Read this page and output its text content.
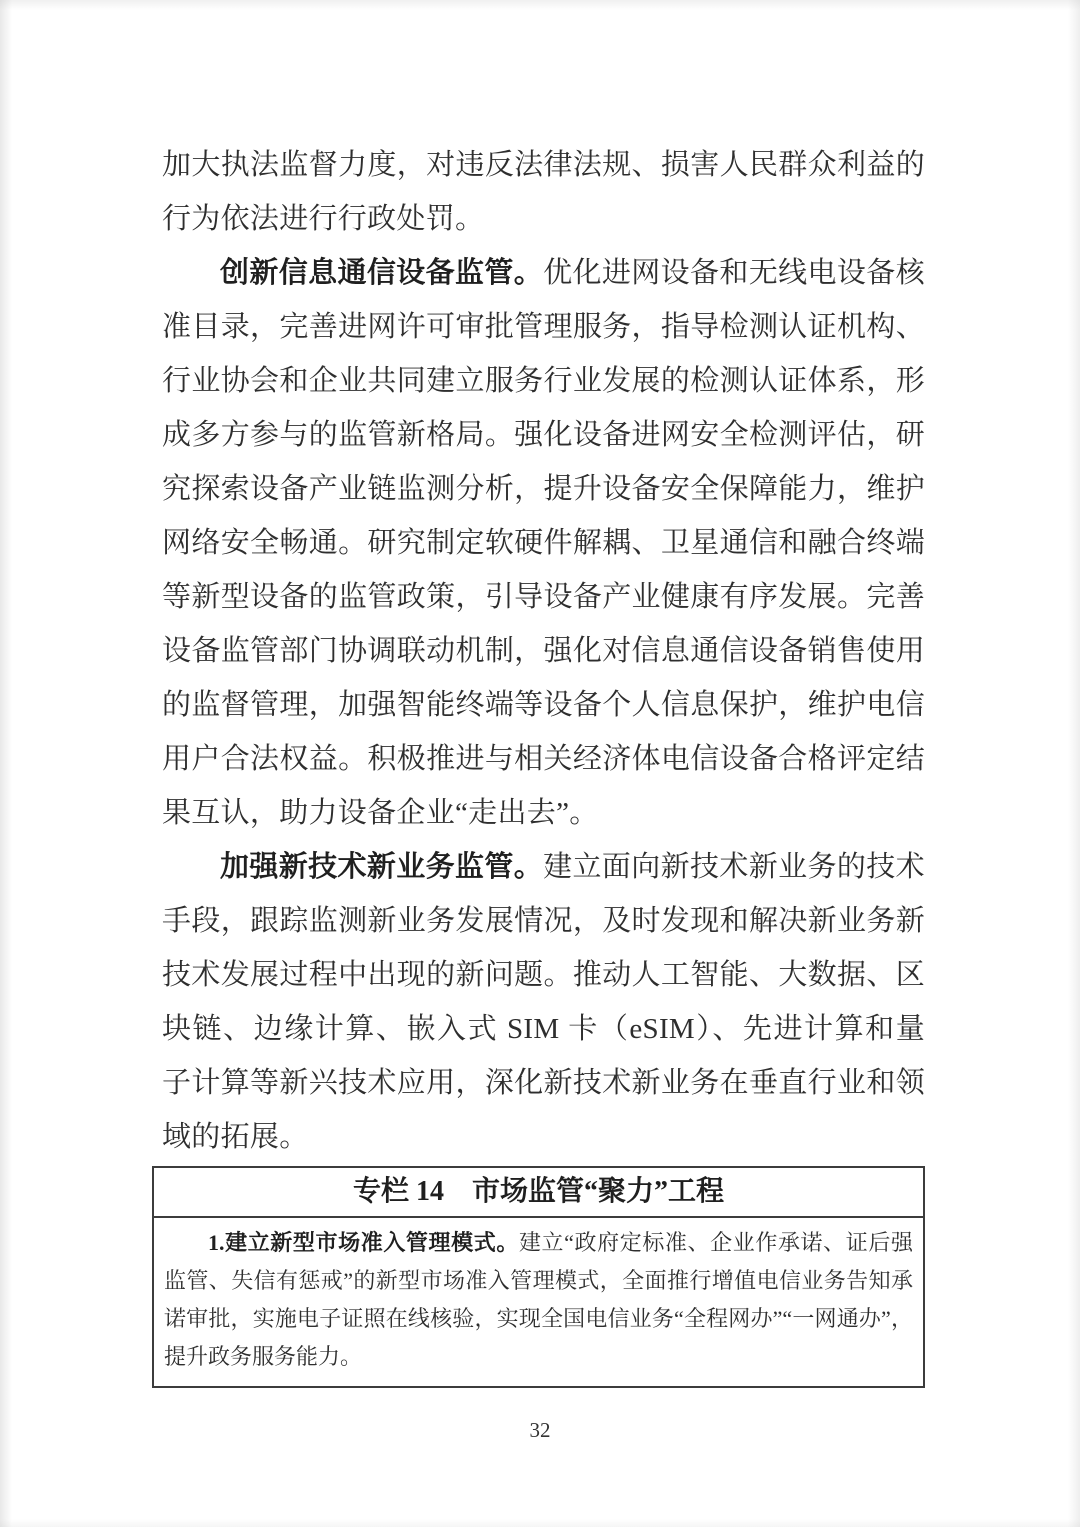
加大执法监督力度，对违反法律法规、损害人民群众利益的行为依法进行行政处罚。

创新信息通信设备监管。优化进网设备和无线电设备核准目录，完善进网许可审批管理服务，指导检测认证机构、行业协会和企业共同建立服务行业发展的检测认证体系，形成多方参与的监管新格局。强化设备进网安全检测评估，研究探索设备产业链监测分析，提升设备安全保障能力，维护网络安全畅通。研究制定软硬件解耦、卫星通信和融合终端等新型设备的监管政策，引导设备产业健康有序发展。完善设备监管部门协调联动机制，强化对信息通信设备销售使用的监督管理，加强智能终端等设备个人信息保护，维护电信用户合法权益。积极推进与相关经济体电信设备合格评定结果互认，助力设备企业“走出去”。

加强新技术新业务监管。建立面向新技术新业务的技术手段，跟踪监测新业务发展情况，及时发现和解决新业务新技术发展过程中出现的新问题。推动人工智能、大数据、区块链、边缘计算、嵌入式 SIM 卡（eSIM）、先进计算和量子计算等新兴技术应用，深化新技术新业务在垂直行业和领域的拓展。

专栏 14　市场监管“聚力”工程

1.建立新型市场准入管理模式。建立“政府定标准、企业作承诺、证后强监管、失信有惩戒”的新型市场准入管理模式，全面推行增值电信业务告知承诺审批，实施电子证照在线核验，实现全国电信业务“全程网办”“一网通办”，提升政务服务能力。

32
